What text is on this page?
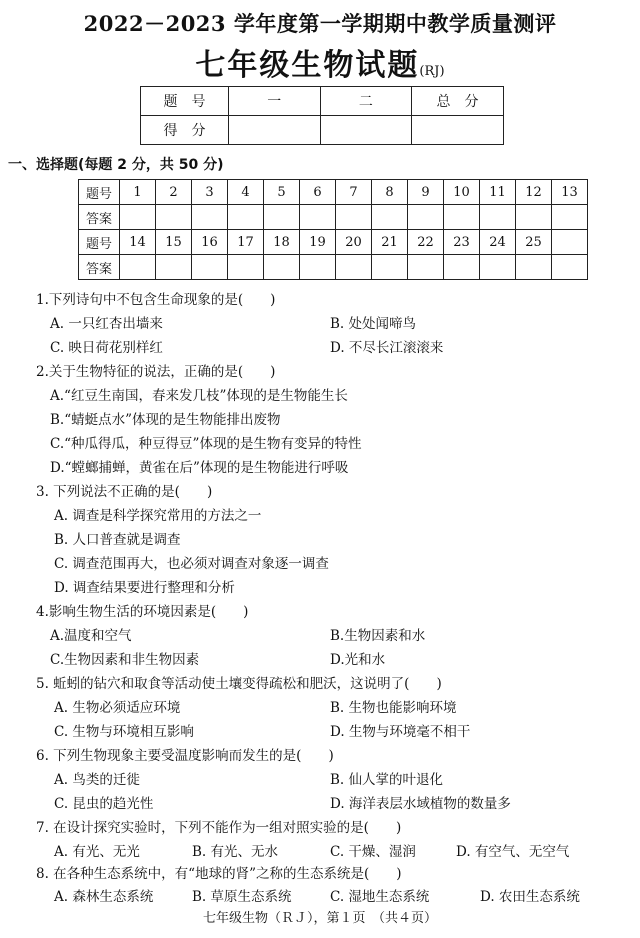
2022－2023 学年度第一学期期中教学质量测评
七年级生物试题(RJ)
题　号	一	二	总　分
得　分			
一、选择题(每题 2 分，共 50 分)
题号	1	2	3	4	5	6	7	8	9	10	11	12	13
答案													
题号	14	15	16	17	18	19	20	21	22	23	24	25	
答案													
1.下列诗句中不包含生命现象的是(　　)
A. 一只红杏出墙来	B. 处处闻啼鸟
C. 映日荷花别样红	D. 不尽长江滚滚来
2.关于生物特征的说法，正确的是(　　)
A.“红豆生南国，春来发几枝”体现的是生物能生长
B.“蜻蜓点水”体现的是生物能排出废物
C.“种瓜得瓜，种豆得豆”体现的是生物有变异的特性
D.“螳螂捕蝉，黄雀在后”体现的是生物能进行呼吸
3. 下列说法不正确的是(　　)
A. 调查是科学探究常用的方法之一
B. 人口普查就是调查
C. 调查范围再大，也必须对调查对象逐一调查
D. 调查结果要进行整理和分析
4.影响生物生活的环境因素是(　　)
A.温度和空气	B.生物因素和水
C.生物因素和非生物因素	D.光和水
5. 蚯蚓的钻穴和取食等活动使土壤变得疏松和肥沃，这说明了(　　)
A. 生物必须适应环境	B. 生物也能影响环境
C. 生物与环境相互影响	D. 生物与环境毫不相干
6. 下列生物现象主要受温度影响而发生的是(　　)
A. 鸟类的迁徙	B. 仙人掌的叶退化
C. 昆虫的趋光性	D. 海洋表层水域植物的数量多
7. 在设计探究实验时，下列不能作为一组对照实验的是(　　)
A. 有光、无光	B. 有光、无水	C. 干燥、湿润	D. 有空气、无空气
8. 在各种生态系统中，有“地球的肾”之称的生态系统是(　　)
A. 森林生态系统	B. 草原生态系统	C. 湿地生态系统	D. 农田生态系统
七年级生物（ＲＪ），第１页　（共４页）
